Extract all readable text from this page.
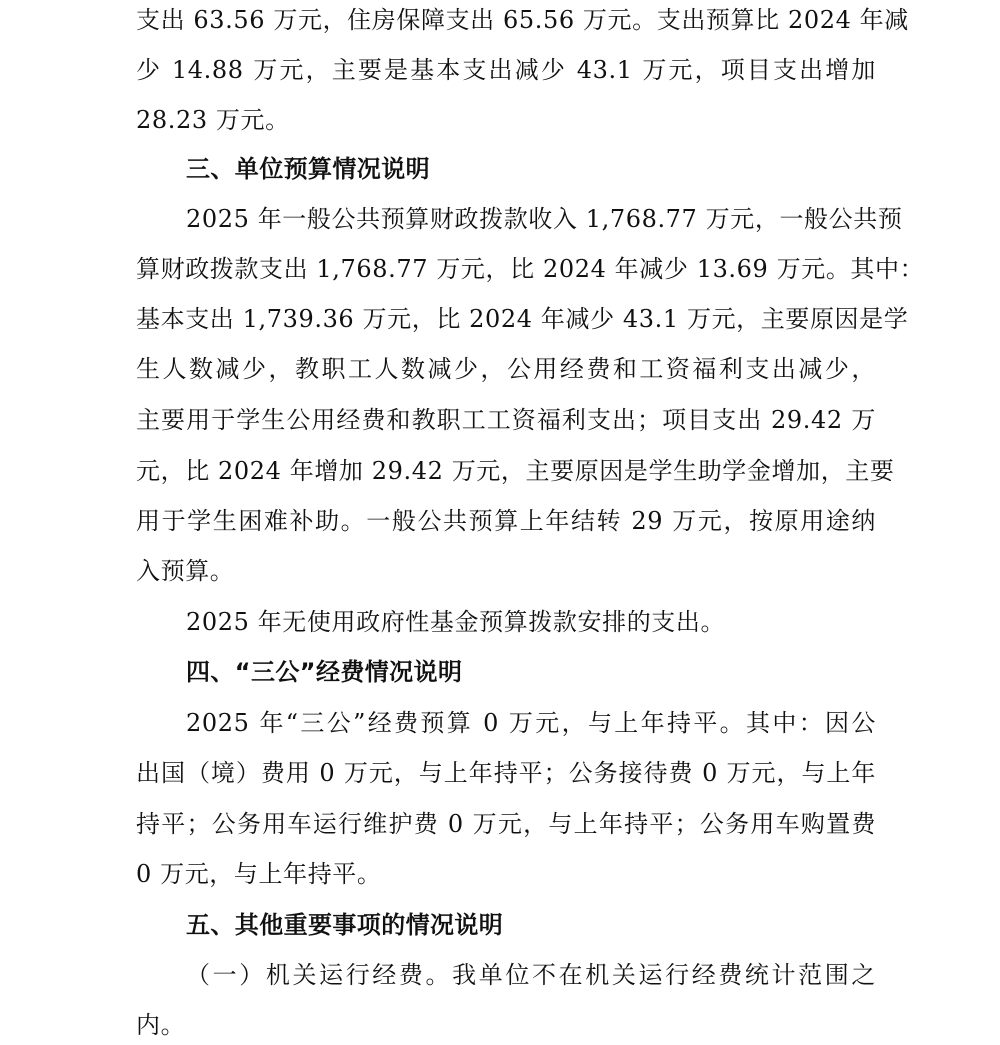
支出 63.56 万元，住房保障支出 65.56 万元。支出预算比 2024 年减
少 14.88 万元，主要是基本支出减少 43.1 万元，项目支出增加
28.23 万元。
三、单位预算情况说明
2025 年一般公共预算财政拨款收入 1,768.77 万元，一般公共预
算财政拨款支出 1,768.77 万元，比 2024 年减少 13.69 万元。其中：
基本支出 1,739.36 万元，比 2024 年减少 43.1 万元，主要原因是学
生人数减少，教职工人数减少，公用经费和工资福利支出减少，
主要用于学生公用经费和教职工工资福利支出；项目支出 29.42 万
元，比 2024 年增加 29.42 万元，主要原因是学生助学金增加，主要
用于学生困难补助。一般公共预算上年结转 29 万元，按原用途纳
入预算。
2025 年无使用政府性基金预算拨款安排的支出。
四、“三公”经费情况说明
2025 年“三公”经费预算 0 万元，与上年持平。其中：因公
出国（境）费用 0 万元，与上年持平；公务接待费 0 万元，与上年
持平；公务用车运行维护费 0 万元，与上年持平；公务用车购置费
0 万元，与上年持平。
五、其他重要事项的情况说明
（一）机关运行经费。我单位不在机关运行经费统计范围之
内。
